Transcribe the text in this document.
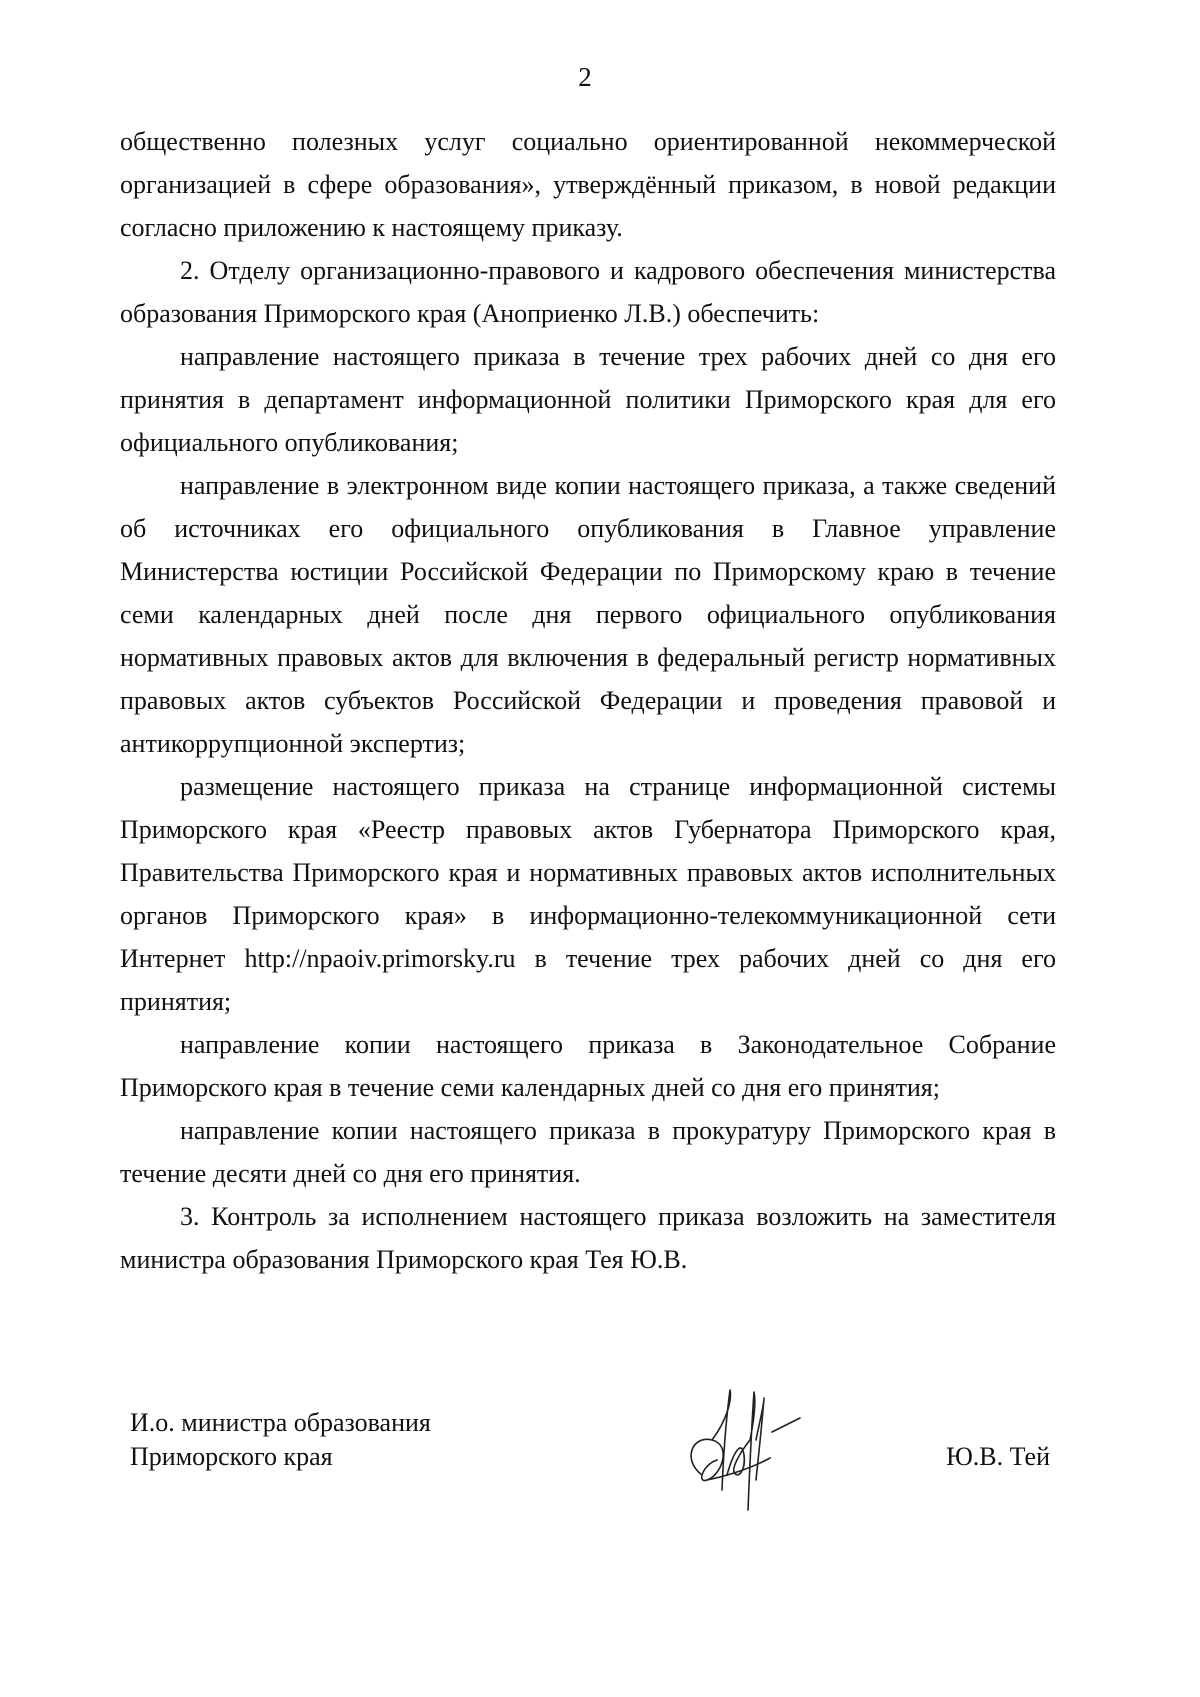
2

общественно полезных услуг социально ориентированной некоммерческой организацией в сфере образования», утверждённый приказом, в новой редакции согласно приложению к настоящему приказу.

2. Отделу организационно-правового и кадрового обеспечения министерства образования Приморского края (Аноприенко Л.В.) обеспечить:

направление настоящего приказа в течение трех рабочих дней со дня его принятия в департамент информационной политики Приморского края для его официального опубликования;

направление в электронном виде копии настоящего приказа, а также сведений об источниках его официального опубликования в Главное управление Министерства юстиции Российской Федерации по Приморскому краю в течение семи календарных дней после дня первого официального опубликования нормативных правовых актов для включения в федеральный регистр нормативных правовых актов субъектов Российской Федерации и проведения правовой и антикоррупционной экспертиз;

размещение настоящего приказа на странице информационной системы Приморского края «Реестр правовых актов Губернатора Приморского края, Правительства Приморского края и нормативных правовых актов исполнительных органов Приморского края» в информационно-телекоммуникационной сети Интернет http://npaoiv.primorsky.ru в течение трех рабочих дней со дня его принятия;

направление копии настоящего приказа в Законодательное Собрание Приморского края в течение семи календарных дней со дня его принятия;

направление копии настоящего приказа в прокуратуру Приморского края в течение десяти дней со дня его принятия.

3. Контроль за исполнением настоящего приказа возложить на заместителя министра образования Приморского края Тея Ю.В.

И.о. министра образования
Приморского края	Ю.В. Тей
